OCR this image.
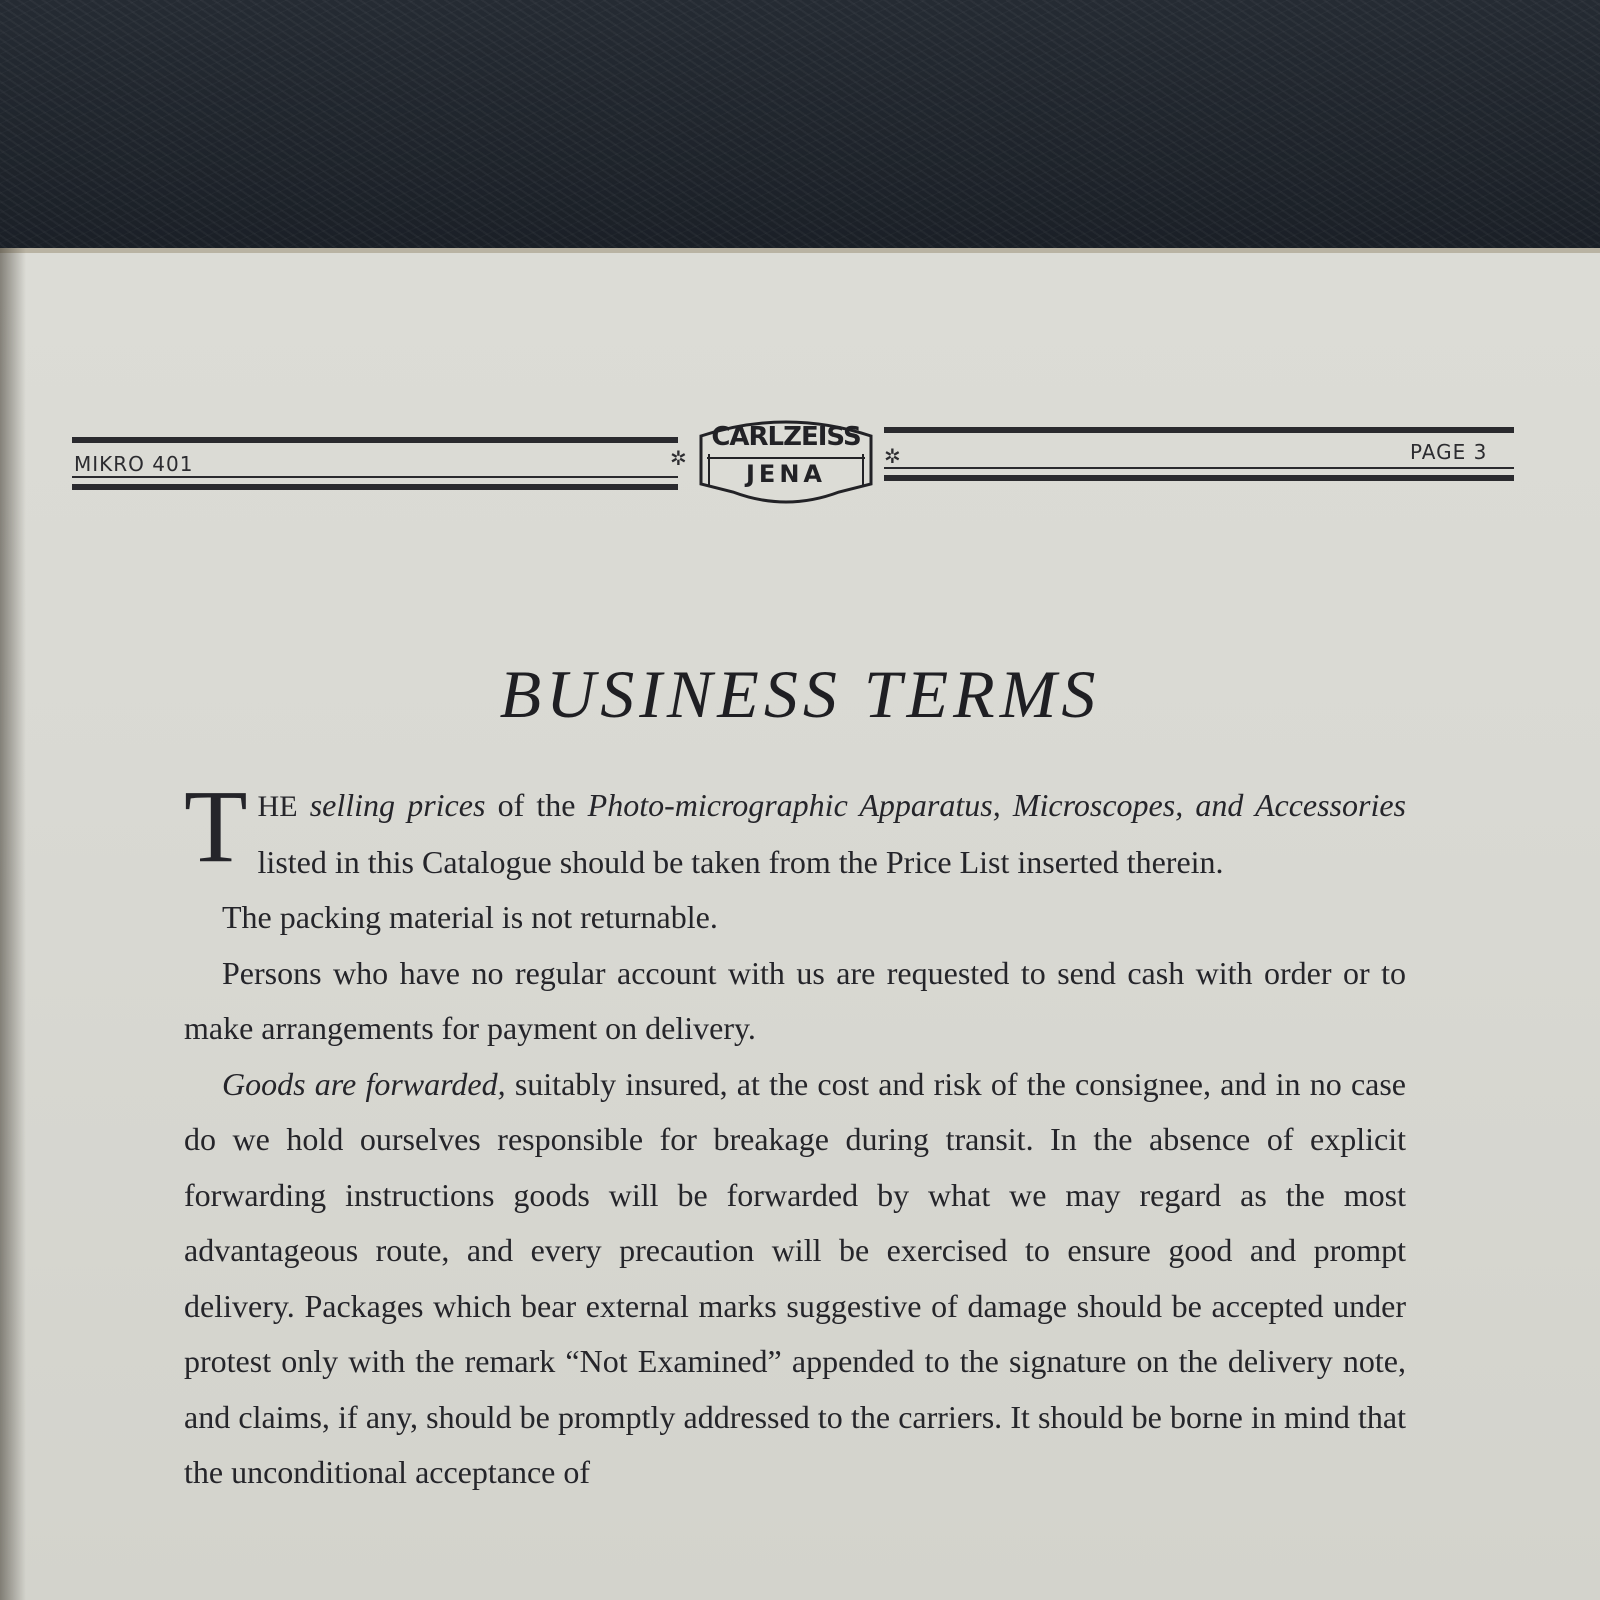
MIKRO 401	PAGE 3
✲	✲
CARLZEISS
JENA
BUSINESS TERMS

THE selling prices of the Photo-micrographic Apparatus, Microscopes, and Accessories listed in this Catalogue should be taken from the Price List inserted therein.

The packing material is not returnable.

Persons who have no regular account with us are requested to send cash with order or to make arrangements for payment on delivery.

Goods are forwarded, suitably insured, at the cost and risk of the consignee, and in no case do we hold ourselves responsible for breakage during transit. In the absence of explicit forwarding instructions goods will be forwarded by what we may regard as the most advantageous route, and every precaution will be exercised to ensure good and prompt delivery. Packages which bear external marks suggestive of damage should be accepted under protest only with the remark “Not Examined” appended to the signature on the delivery note, and claims, if any, should be promptly addressed to the carriers. It should be borne in mind that the unconditional acceptance of
